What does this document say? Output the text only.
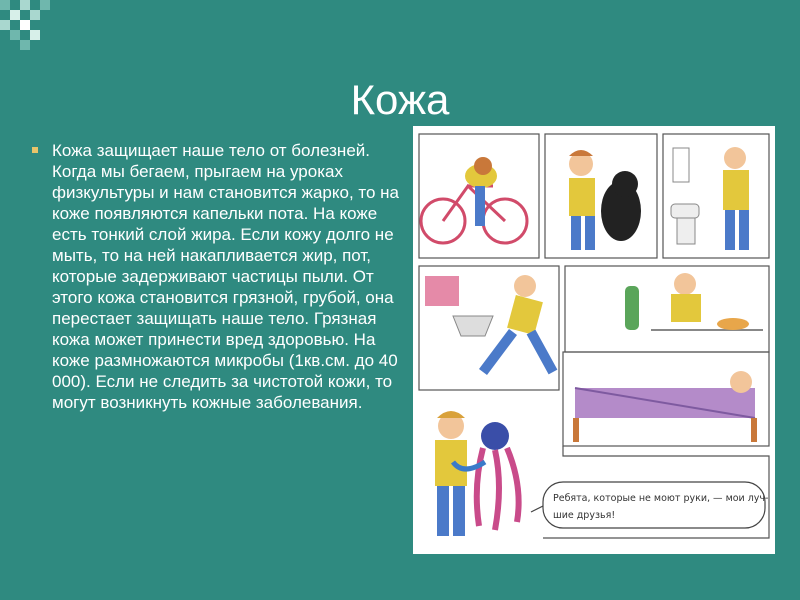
Кожа

Кожа защищает наше тело от болезней. Когда мы бегаем, прыгаем на уроках физкультуры и нам становится жарко, то на коже появляются капельки пота. На коже есть тонкий слой жира. Если кожу долго не мыть, то на ней накапливается жир, пот, которые задерживают частицы пыли. От этого кожа становится грязной, грубой, она перестает защищать наше тело. Грязная кожа может принести вред здоровью. На коже размножаются микробы (1кв.см. до 40 000). Если не следить за чистотой кожи, то могут возникнуть кожные заболевания.

Ребята, которые не моют руки, — мои луч-
шие друзья!
